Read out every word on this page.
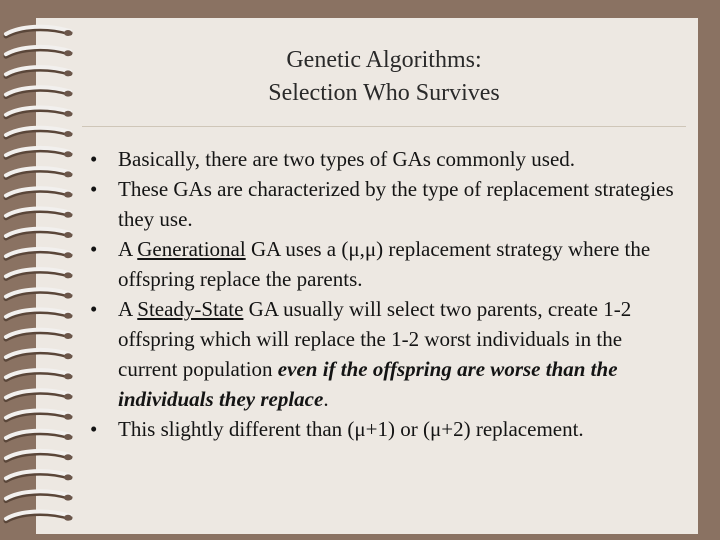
Genetic Algorithms:
Selection Who Survives
• Basically, there are two types of GAs commonly used.
• These GAs are characterized by the type of replacement strategies they use.
• A Generational GA uses a (μ,μ) replacement strategy where the offspring replace the parents.
• A Steady-State GA usually will select two parents, create 1-2 offspring which will replace the 1-2 worst individuals in the current population even if the offspring are worse than the individuals they replace.
• This slightly different than (μ+1) or (μ+2) replacement.
